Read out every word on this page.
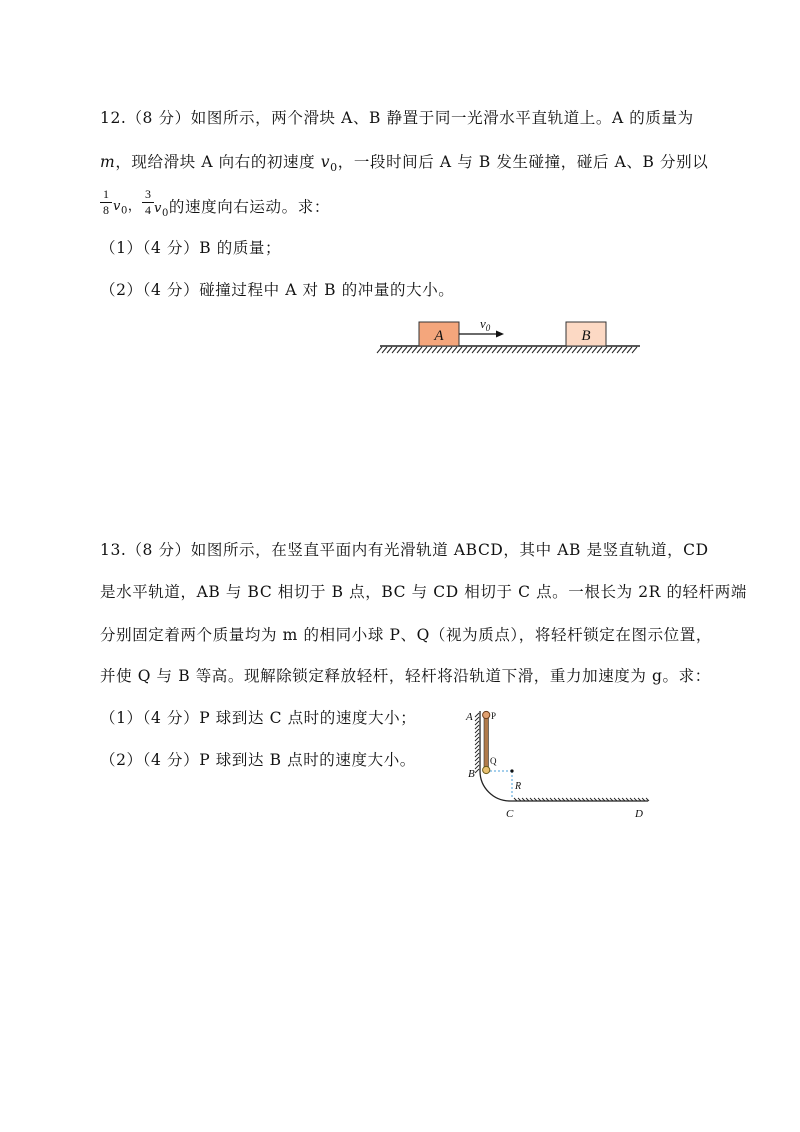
12.（8 分）如图所示，两个滑块 A、B 静置于同一光滑水平直轨道上。A 的质量为
m，现给滑块 A 向右的初速度 $v_0$，一段时间后 A 与 B 发生碰撞，碰后 A、B 分别以
$\frac{1}{8} v_0$， $\frac{3}{4} v_0$的速度向右运动。求：
（1）（4 分）B 的质量；
（2）（4 分）碰撞过程中 A 对 B 的冲量的大小。
A
$v_0$	B
13.（8 分）如图所示，在竖直平面内有光滑轨道 ABCD，其中 AB 是竖直轨道，CD
是水平轨道，AB 与 BC 相切于 B 点，BC 与 CD 相切于 C 点。一根长为 2R 的轻杆两端
分别固定着两个质量均为 m 的相同小球 P、Q（视为质点），将轻杆锁定在图示位置，
并使 Q 与 B 等高。现解除锁定释放轻杆，轻杆将沿轨道下滑，重力加速度为 g。求：
（1）（4 分）P 球到达 C 点时的速度大小；
（2）（4 分）P 球到达 B 点时的速度大小。
A P
Q
B
R
C	D
